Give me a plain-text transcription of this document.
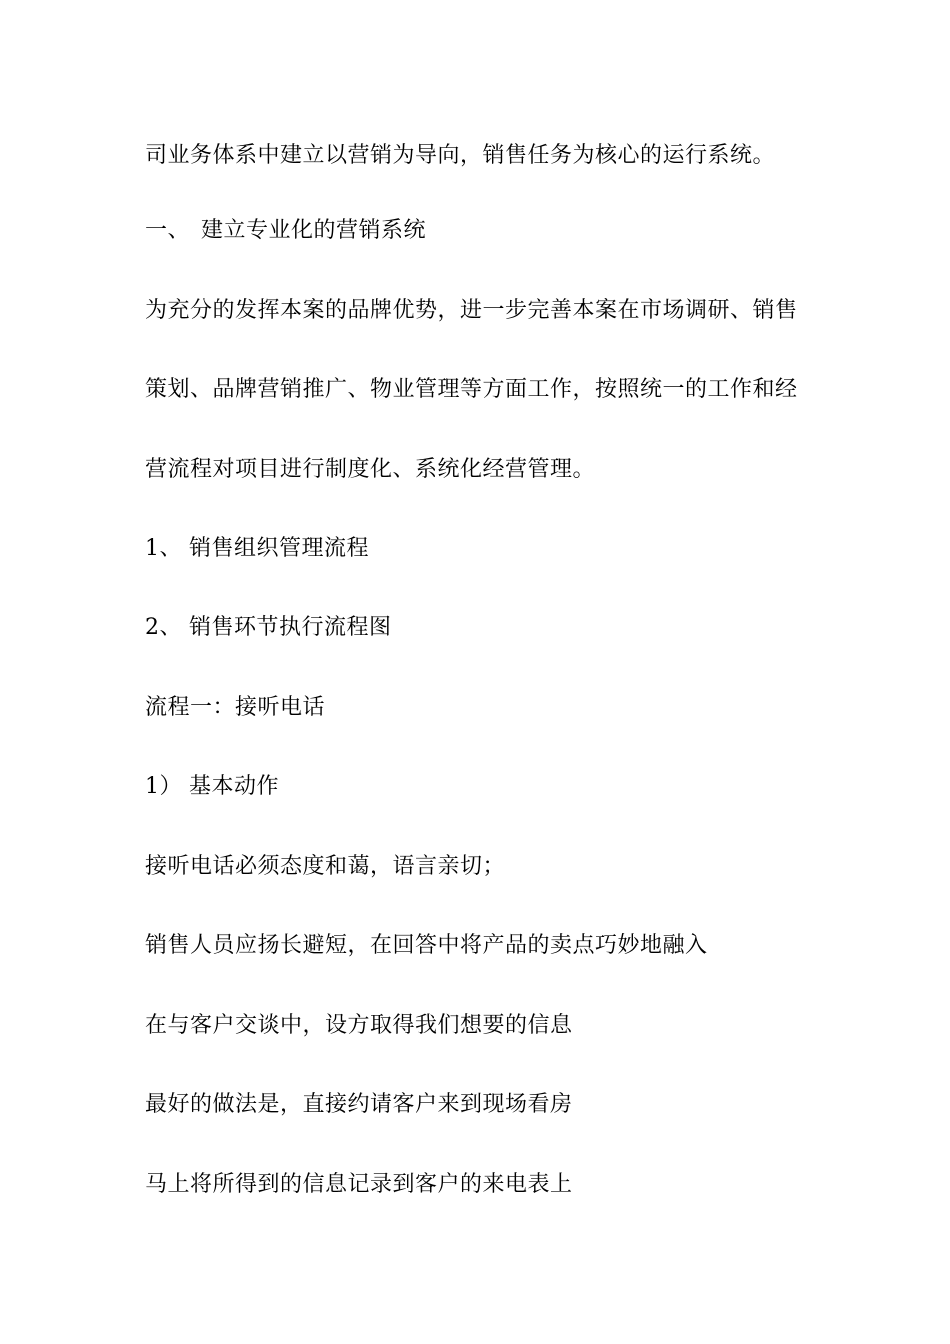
司业务体系中建立以营销为导向，销售任务为核心的运行系统。
一、 建立专业化的营销系统
为充分的发挥本案的品牌优势，进一步完善本案在市场调研、销售
策划、品牌营销推广、物业管理等方面工作，按照统一的工作和经
营流程对项目进行制度化、系统化经营管理。
1、 销售组织管理流程
2、 销售环节执行流程图
流程一：接听电话
1） 基本动作
接听电话必须态度和蔼，语言亲切；
销售人员应扬长避短，在回答中将产品的卖点巧妙地融入
在与客户交谈中，设方取得我们想要的信息
最好的做法是，直接约请客户来到现场看房
马上将所得到的信息记录到客户的来电表上
